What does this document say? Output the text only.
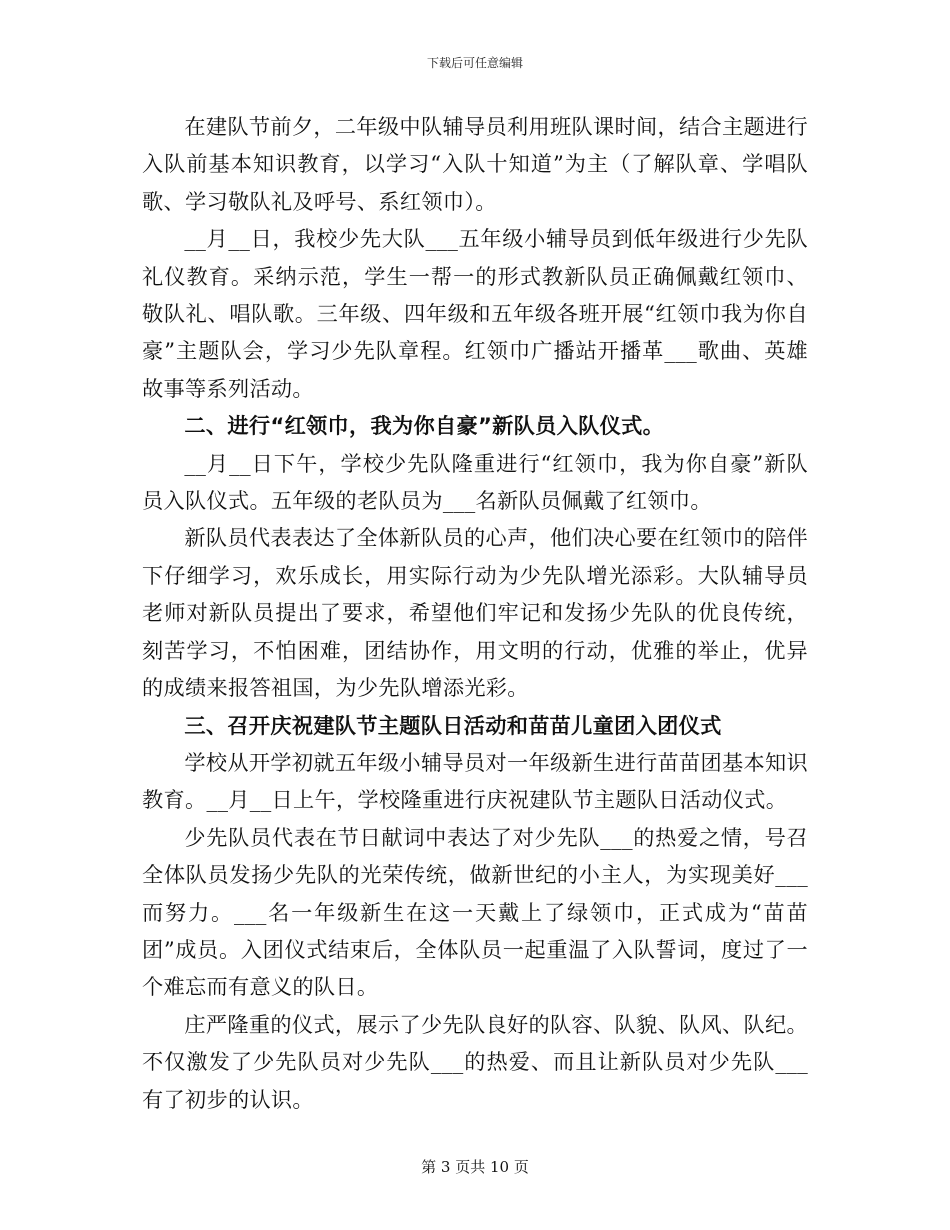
下载后可任意编辑

在建队节前夕，二年级中队辅导员利用班队课时间，结合主题进行入队前基本知识教育，以学习“入队十知道”为主（了解队章、学唱队歌、学习敬队礼及呼号、系红领巾）。

__月__日，我校少先大队___五年级小辅导员到低年级进行少先队礼仪教育。采纳示范，学生一帮一的形式教新队员正确佩戴红领巾、敬队礼、唱队歌。三年级、四年级和五年级各班开展“红领巾我为你自豪”主题队会，学习少先队章程。红领巾广播站开播革___歌曲、英雄故事等系列活动。

二、进行“红领巾，我为你自豪”新队员入队仪式。

__月__日下午，学校少先队隆重进行“红领巾，我为你自豪”新队员入队仪式。五年级的老队员为___名新队员佩戴了红领巾。

新队员代表表达了全体新队员的心声，他们决心要在红领巾的陪伴下仔细学习，欢乐成长，用实际行动为少先队增光添彩。大队辅导员老师对新队员提出了要求，希望他们牢记和发扬少先队的优良传统，刻苦学习，不怕困难，团结协作，用文明的行动，优雅的举止，优异的成绩来报答祖国，为少先队增添光彩。

三、召开庆祝建队节主题队日活动和苗苗儿童团入团仪式

学校从开学初就五年级小辅导员对一年级新生进行苗苗团基本知识教育。__月__日上午，学校隆重进行庆祝建队节主题队日活动仪式。

少先队员代表在节日献词中表达了对少先队___的热爱之情，号召全体队员发扬少先队的光荣传统，做新世纪的小主人，为实现美好___而努力。___名一年级新生在这一天戴上了绿领巾，正式成为“苗苗团”成员。入团仪式结束后，全体队员一起重温了入队誓词，度过了一个难忘而有意义的队日。

庄严隆重的仪式，展示了少先队良好的队容、队貌、队风、队纪。不仅激发了少先队员对少先队___的热爱、而且让新队员对少先队___有了初步的认识。

第 3 页共 10 页
